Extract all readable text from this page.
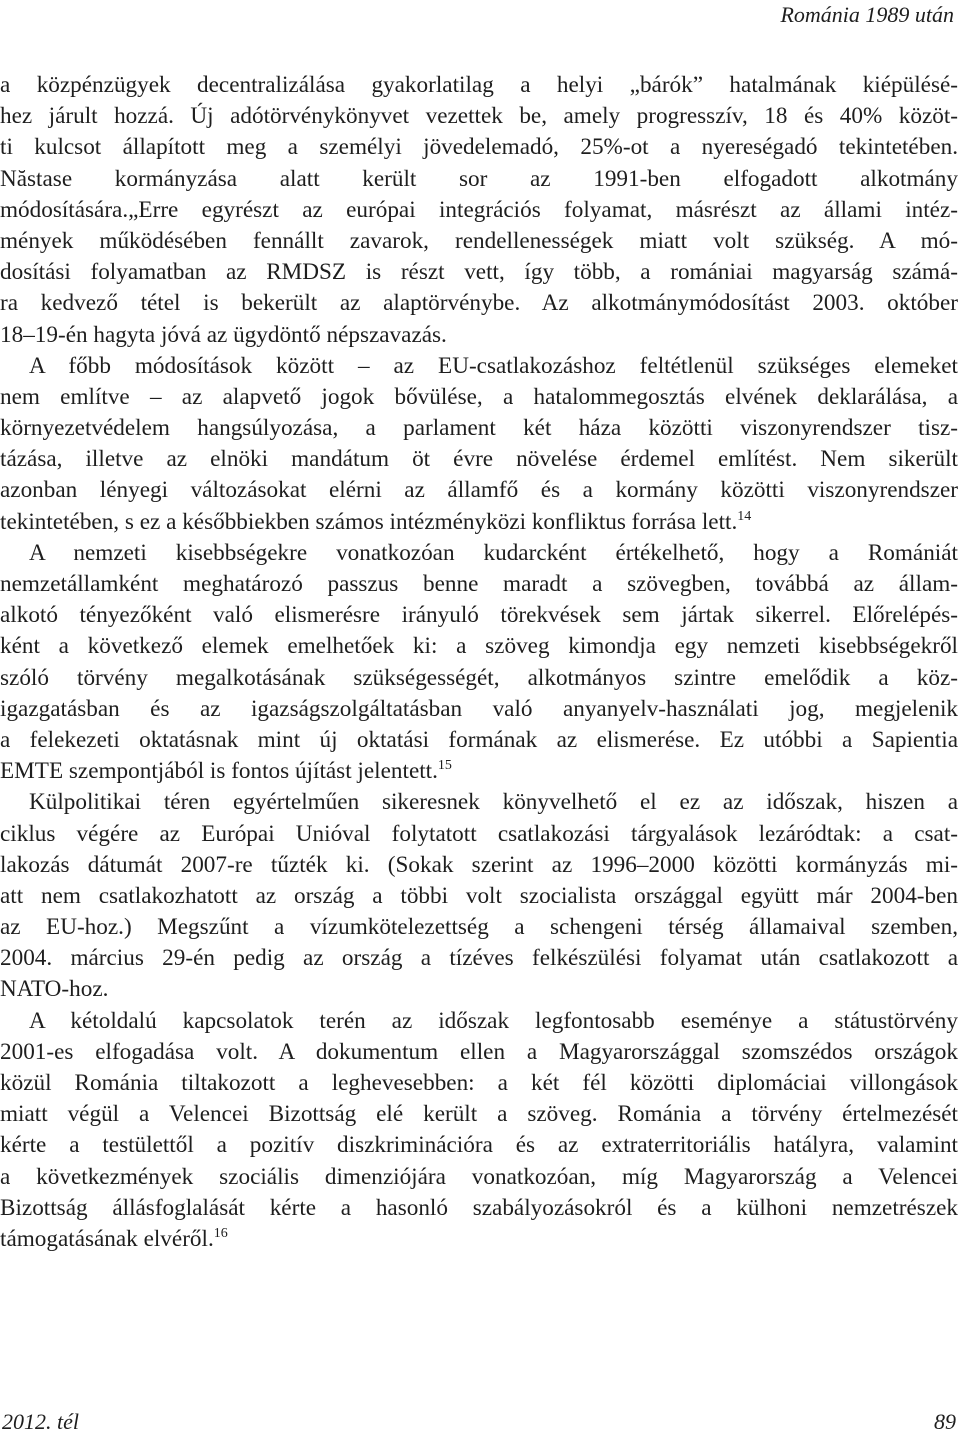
Románia 1989 után
a közpénzügyek decentralizálása gyakorlatilag a helyi „bárók” hatalmának kiépülésé-
hez járult hozzá. Új adótörvénykönyvet vezettek be, amely progresszív, 18 és 40% közöt-
ti kulcsot állapított meg a személyi jövedelemadó, 25%-ot a nyereségadó tekintetében.
Năstase kormányzása alatt került sor az 1991-ben elfogadott alkotmány
módosítására.„Erre egyrészt az európai integrációs folyamat, másrészt az állami intéz-
mények működésében fennállt zavarok, rendellenességek miatt volt szükség. A mó-
dosítási folyamatban az RMDSZ is részt vett, így több, a romániai magyarság számá-
ra kedvező tétel is bekerült az alaptörvénybe. Az alkotmánymódosítást 2003. október
18–19-én hagyta jóvá az ügydöntő népszavazás.
A főbb módosítások között – az EU-csatlakozáshoz feltétlenül szükséges elemeket
nem említve – az alapvető jogok bővülése, a hatalommegosztás elvének deklarálása, a
környezetvédelem hangsúlyozása, a parlament két háza közötti viszonyrendszer tisz-
tázása, illetve az elnöki mandátum öt évre növelése érdemel említést. Nem sikerült
azonban lényegi változásokat elérni az államfő és a kormány közötti viszonyrendszer
tekintetében, s ez a későbbiekben számos intézményközi konfliktus forrása lett.$^{14}$
A nemzeti kisebbségekre vonatkozóan kudarcként értékelhető, hogy a Romániát
nemzetállamként meghatározó passzus benne maradt a szövegben, továbbá az állam-
alkotó tényezőként való elismerésre irányuló törekvések sem jártak sikerrel. Előrelépés-
ként a következő elemek emelhetőek ki: a szöveg kimondja egy nemzeti kisebbségekről
szóló törvény megalkotásának szükségességét, alkotmányos szintre emelődik a köz-
igazgatásban és az igazságszolgáltatásban való anyanyelv-használati jog, megjelenik
a felekezeti oktatásnak mint új oktatási formának az elismerése. Ez utóbbi a Sapientia
EMTE szempontjából is fontos újítást jelentett.$^{15}$
Külpolitikai téren egyértelműen sikeresnek könyvelhető el ez az időszak, hiszen a
ciklus végére az Európai Unióval folytatott csatlakozási tárgyalások lezáródtak: a csat-
lakozás dátumát 2007-re tűzték ki. (Sokak szerint az 1996–2000 közötti kormányzás mi-
att nem csatlakozhatott az ország a többi volt szocialista országgal együtt már 2004-ben
az EU-hoz.) Megszűnt a vízumkötelezettség a schengeni térség államaival szemben,
2004. március 29-én pedig az ország a tízéves felkészülési folyamat után csatlakozott a
NATO-hoz.
A kétoldalú kapcsolatok terén az időszak legfontosabb eseménye a státustörvény
2001-es elfogadása volt. A dokumentum ellen a Magyarországgal szomszédos országok
közül Románia tiltakozott a leghevesebben: a két fél közötti diplomáciai villongások
miatt végül a Velencei Bizottság elé került a szöveg. Románia a törvény értelmezését
kérte a testülettől a pozitív diszkriminációra és az extraterritoriális hatályra, valamint
a következmények szociális dimenziójára vonatkozóan, míg Magyarország a Velencei
Bizottság állásfoglalását kérte a hasonló szabályozásokról és a külhoni nemzetrészek
támogatásának elvéről.$^{16}$
2012. tél	89
